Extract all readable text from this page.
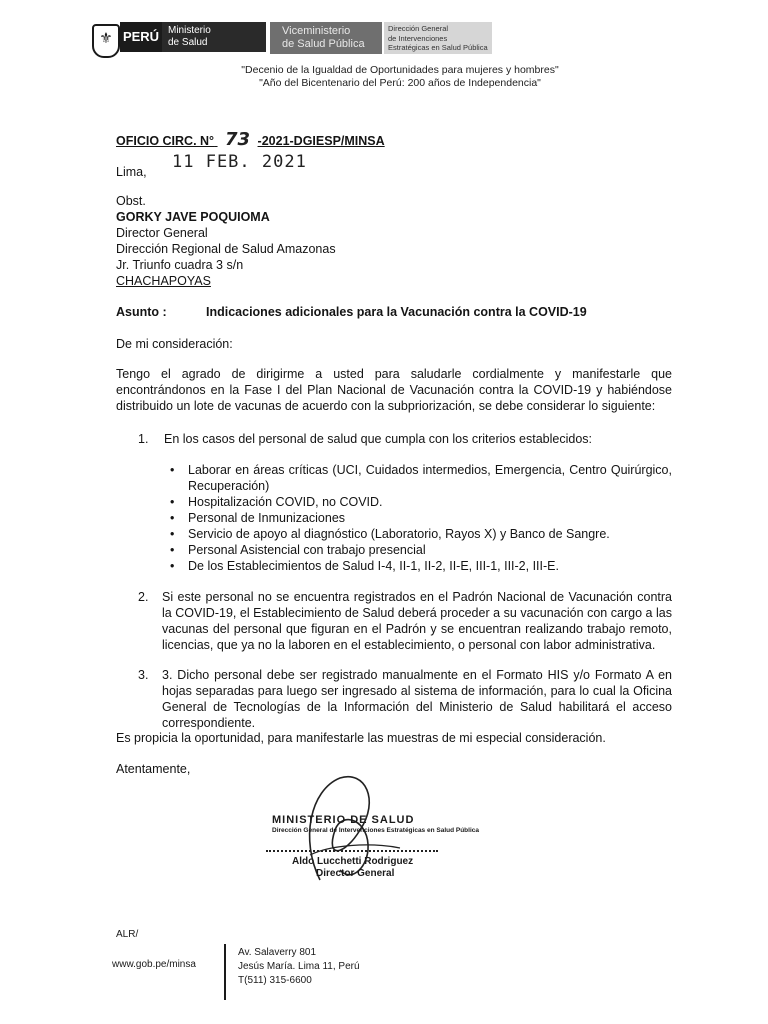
⚜ PERÚ Ministerio
de Salud
Viceministerio
de Salud Pública
Dirección General
de Intervenciones
Estratégicas en Salud Pública
"Decenio de la Igualdad de Oportunidades para mujeres y hombres"
"Año del Bicentenario del Perú: 200 años de Independencia"
OFICIO CIRC. N° 73 -2021-DGIESP/MINSA
Lima, 11 FEB. 2021
Obst.
GORKY JAVE POQUIOMA
Director General
Dirección Regional de Salud Amazonas
Jr. Triunfo cuadra 3 s/n
CHACHAPOYAS
Asunto :	Indicaciones adicionales para la Vacunación contra la COVID-19
De mi consideración:
Tengo el agrado de dirigirme a usted para saludarle cordialmente y manifestarle que encontrándonos en la Fase I del Plan Nacional de Vacunación contra la COVID-19 y habiéndose distribuido un lote de vacunas de acuerdo con la subpriorización, se debe considerar lo siguiente:
1. En los casos del personal de salud que cumpla con los criterios establecidos:
• Laborar en áreas críticas (UCI, Cuidados intermedios, Emergencia, Centro Quirúrgico, Recuperación)
• Hospitalización COVID, no COVID.
• Personal de Inmunizaciones
• Servicio de apoyo al diagnóstico (Laboratorio, Rayos X) y Banco de Sangre.
• Personal Asistencial con trabajo presencial
• De los Establecimientos de Salud I-4, II-1, II-2, II-E, III-1, III-2, III-E.
2. Si este personal no se encuentra registrados en el Padrón Nacional de Vacunación contra la COVID-19, el Establecimiento de Salud deberá proceder a su vacunación con cargo a las vacunas del personal que figuran en el Padrón y se encuentran realizando trabajo remoto, licencias, que ya no la laboren en el establecimiento, o personal con labor administrativa.
3. 3. Dicho personal debe ser registrado manualmente en el Formato HIS y/o Formato A en hojas separadas para luego ser ingresado al sistema de información, para lo cual la Oficina General de Tecnologías de la Información del Ministerio de Salud habilitará el acceso correspondiente.
Es propicia la oportunidad, para manifestarle las muestras de mi especial consideración.
Atentamente,
MINISTERIO DE SALUD
Dirección General de Intervenciones Estratégicas en Salud Pública
Aldo Lucchetti Rodriguez
Director General
ALR/
www.gob.pe/minsa
Av. Salaverry 801
Jesús María. Lima 11, Perú
T(511) 315-6600
